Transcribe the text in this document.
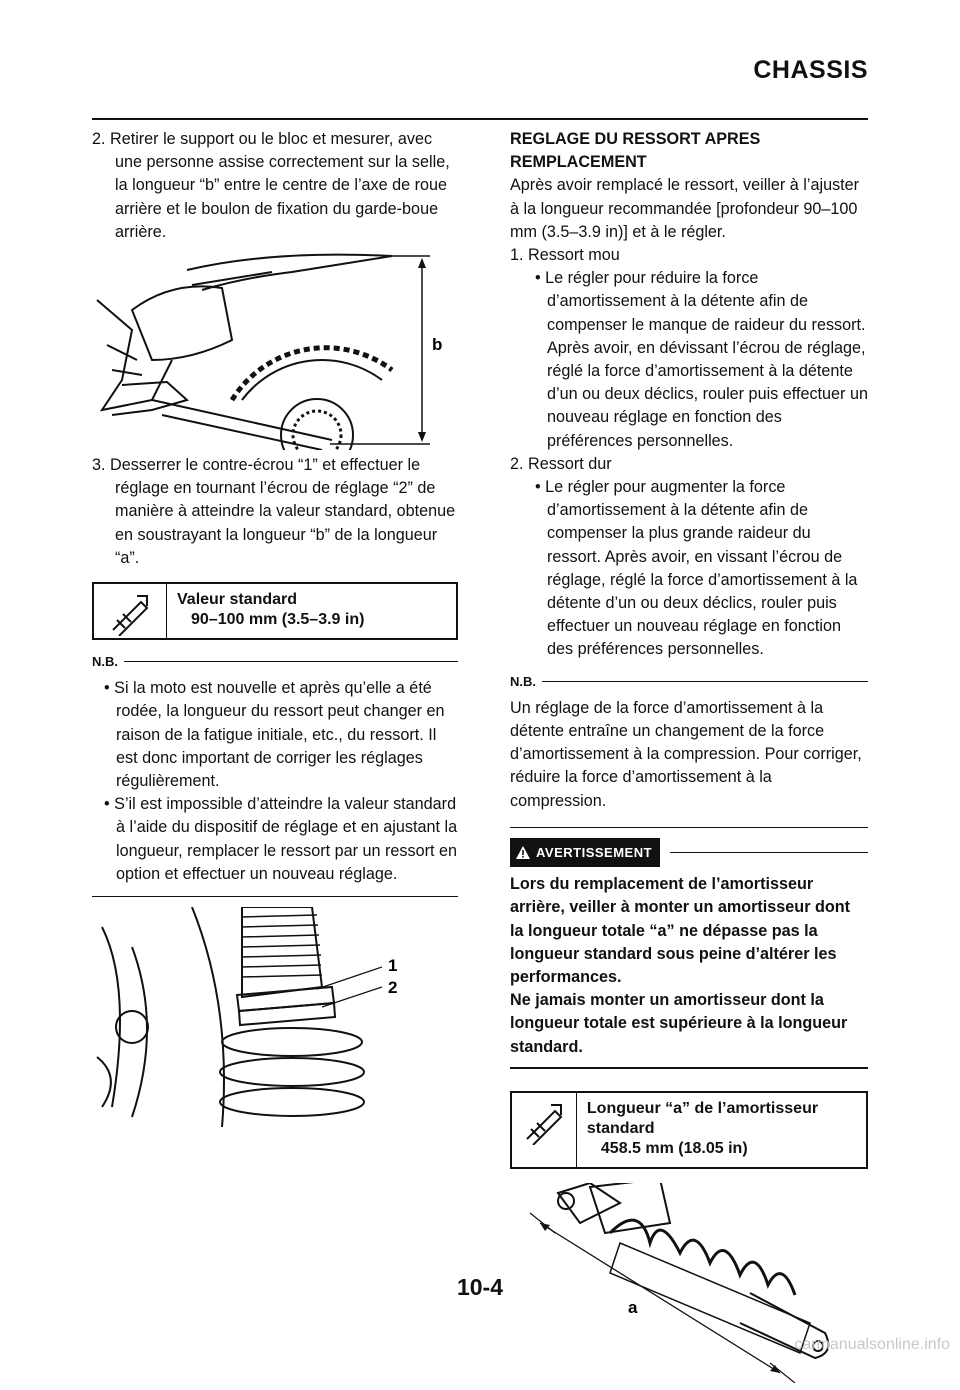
CHASSIS

2. Retirer le support ou le bloc et mesurer, avec une personne assise correctement sur la selle, la longueur “b” entre le centre de l’axe de roue arrière et le boulon de fixation du garde-boue arrière.

b

3. Desserrer le contre-écrou “1” et effectuer le réglage en tournant l’écrou de réglage “2” de manière à atteindre la valeur standard, obtenue en soustrayant la longueur “b” de la longueur “a”.

Valeur standard
90–100 mm (3.5–3.9 in)
N.B.

• Si la moto est nouvelle et après qu’elle a été rodée, la longueur du ressort peut changer en raison de la fatigue initiale, etc., du ressort. Il est donc important de corriger les réglages régulièrement.

• S’il est impossible d’atteindre la valeur standard à l’aide du dispositif de réglage et en ajustant la longueur, remplacer le ressort par un ressort en option et effectuer un nouveau réglage.

1
2

REGLAGE DU RESSORT APRES REMPLACEMENT

Après avoir remplacé le ressort, veiller à l’ajuster à la longueur recommandée [profondeur 90–100 mm (3.5–3.9 in)] et à le régler.

1. Ressort mou

• Le régler pour réduire la force d’amortissement à la détente afin de compenser le manque de raideur du ressort. Après avoir, en dévissant l’écrou de réglage, réglé la force d’amortissement à la détente d’un ou deux déclics, rouler puis effectuer un nouveau réglage en fonction des préférences personnelles.

2. Ressort dur

• Le régler pour augmenter la force d’amortissement à la détente afin de compenser la plus grande raideur du ressort. Après avoir, en vissant l’écrou de réglage, réglé la force d’amortissement à la détente d’un ou deux déclics, rouler puis effectuer un nouveau réglage en fonction des préférences personnelles.

N.B.

Un réglage de la force d’amortissement à la détente entraîne un changement de la force d’amortissement à la compression. Pour corriger, réduire la force d’amortissement à la compression.

AVERTISSEMENT

Lors du remplacement de l’amortisseur arrière, veiller à monter un amortisseur dont la longueur totale “a” ne dépasse pas la longueur standard sous peine d’altérer les performances.

Ne jamais monter un amortisseur dont la longueur totale est supérieure à la longueur standard.

Longueur “a” de l’amortisseur standard
458.5 mm (18.05 in)
a
10-4
carmanualsonline.info
